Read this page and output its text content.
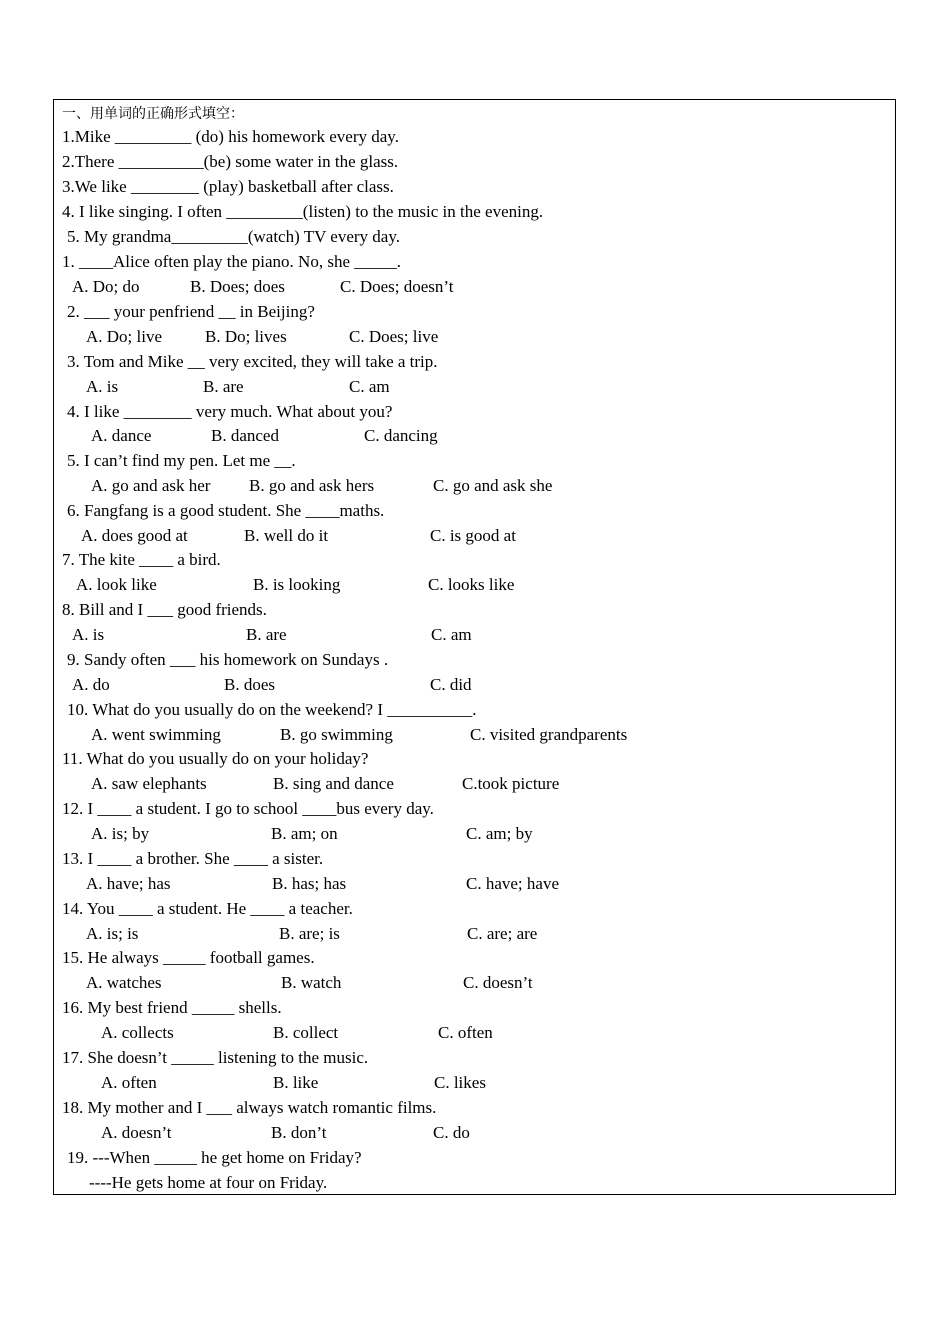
一、用单词的正确形式填空：
1.Mike _________ (do) his homework every day.
2.There __________(be) some water in the glass.
3.We like ________ (play) basketball after class.
4. I like singing. I often _________(listen) to the music in the evening.
5. My grandma_________(watch) TV every day.
1. ____Alice often play the piano. No, she _____.
A. Do; do	B. Does; does	C. Does; doesn’t
2. ___ your penfriend __ in Beijing?
A. Do; live	B. Do; lives	C. Does; live
3. Tom and Mike __ very excited, they will take a trip.
A. is	B. are	C. am
4. I like ________ very much. What about you?
A. dance	B. danced	C. dancing
5. I can’t find my pen. Let me __.
A. go and ask her B. go and ask hers	C. go and ask she
6. Fangfang is a good student. She ____maths.
A. does good at	B. well do it	C. is good at
7. The kite ____ a bird.
A. look like	B. is looking	C. looks like
8. Bill and I ___ good friends.
A. is	B. are	C. am
9. Sandy often ___ his homework on Sundays .
A. do	B. does	C. did
10. What do you usually do on the weekend? I __________.
A. went swimming	B. go swimming	C. visited grandparents
11. What do you usually do on your holiday?
A. saw elephants	B. sing and dance	C.took picture
12. I ____ a student. I go to school ____bus every day.
A. is; by	B. am; on	C. am; by
13. I ____ a brother. She ____ a sister.
A. have; has	B. has; has	C. have; have
14. You ____ a student. He ____ a teacher.
A. is; is	B. are; is	C. are; are
15. He always _____ football games.
A. watches	B. watch	C. doesn’t
16. My best friend _____ shells.
A. collects	B. collect	C. often
17. She doesn’t _____ listening to the music.
A. often	B. like	C. likes
18. My mother and I ___ always watch romantic films.
A. doesn’t	B. don’t	C. do
19. ---When _____ he get home on Friday?
----He gets home at four on Friday.
